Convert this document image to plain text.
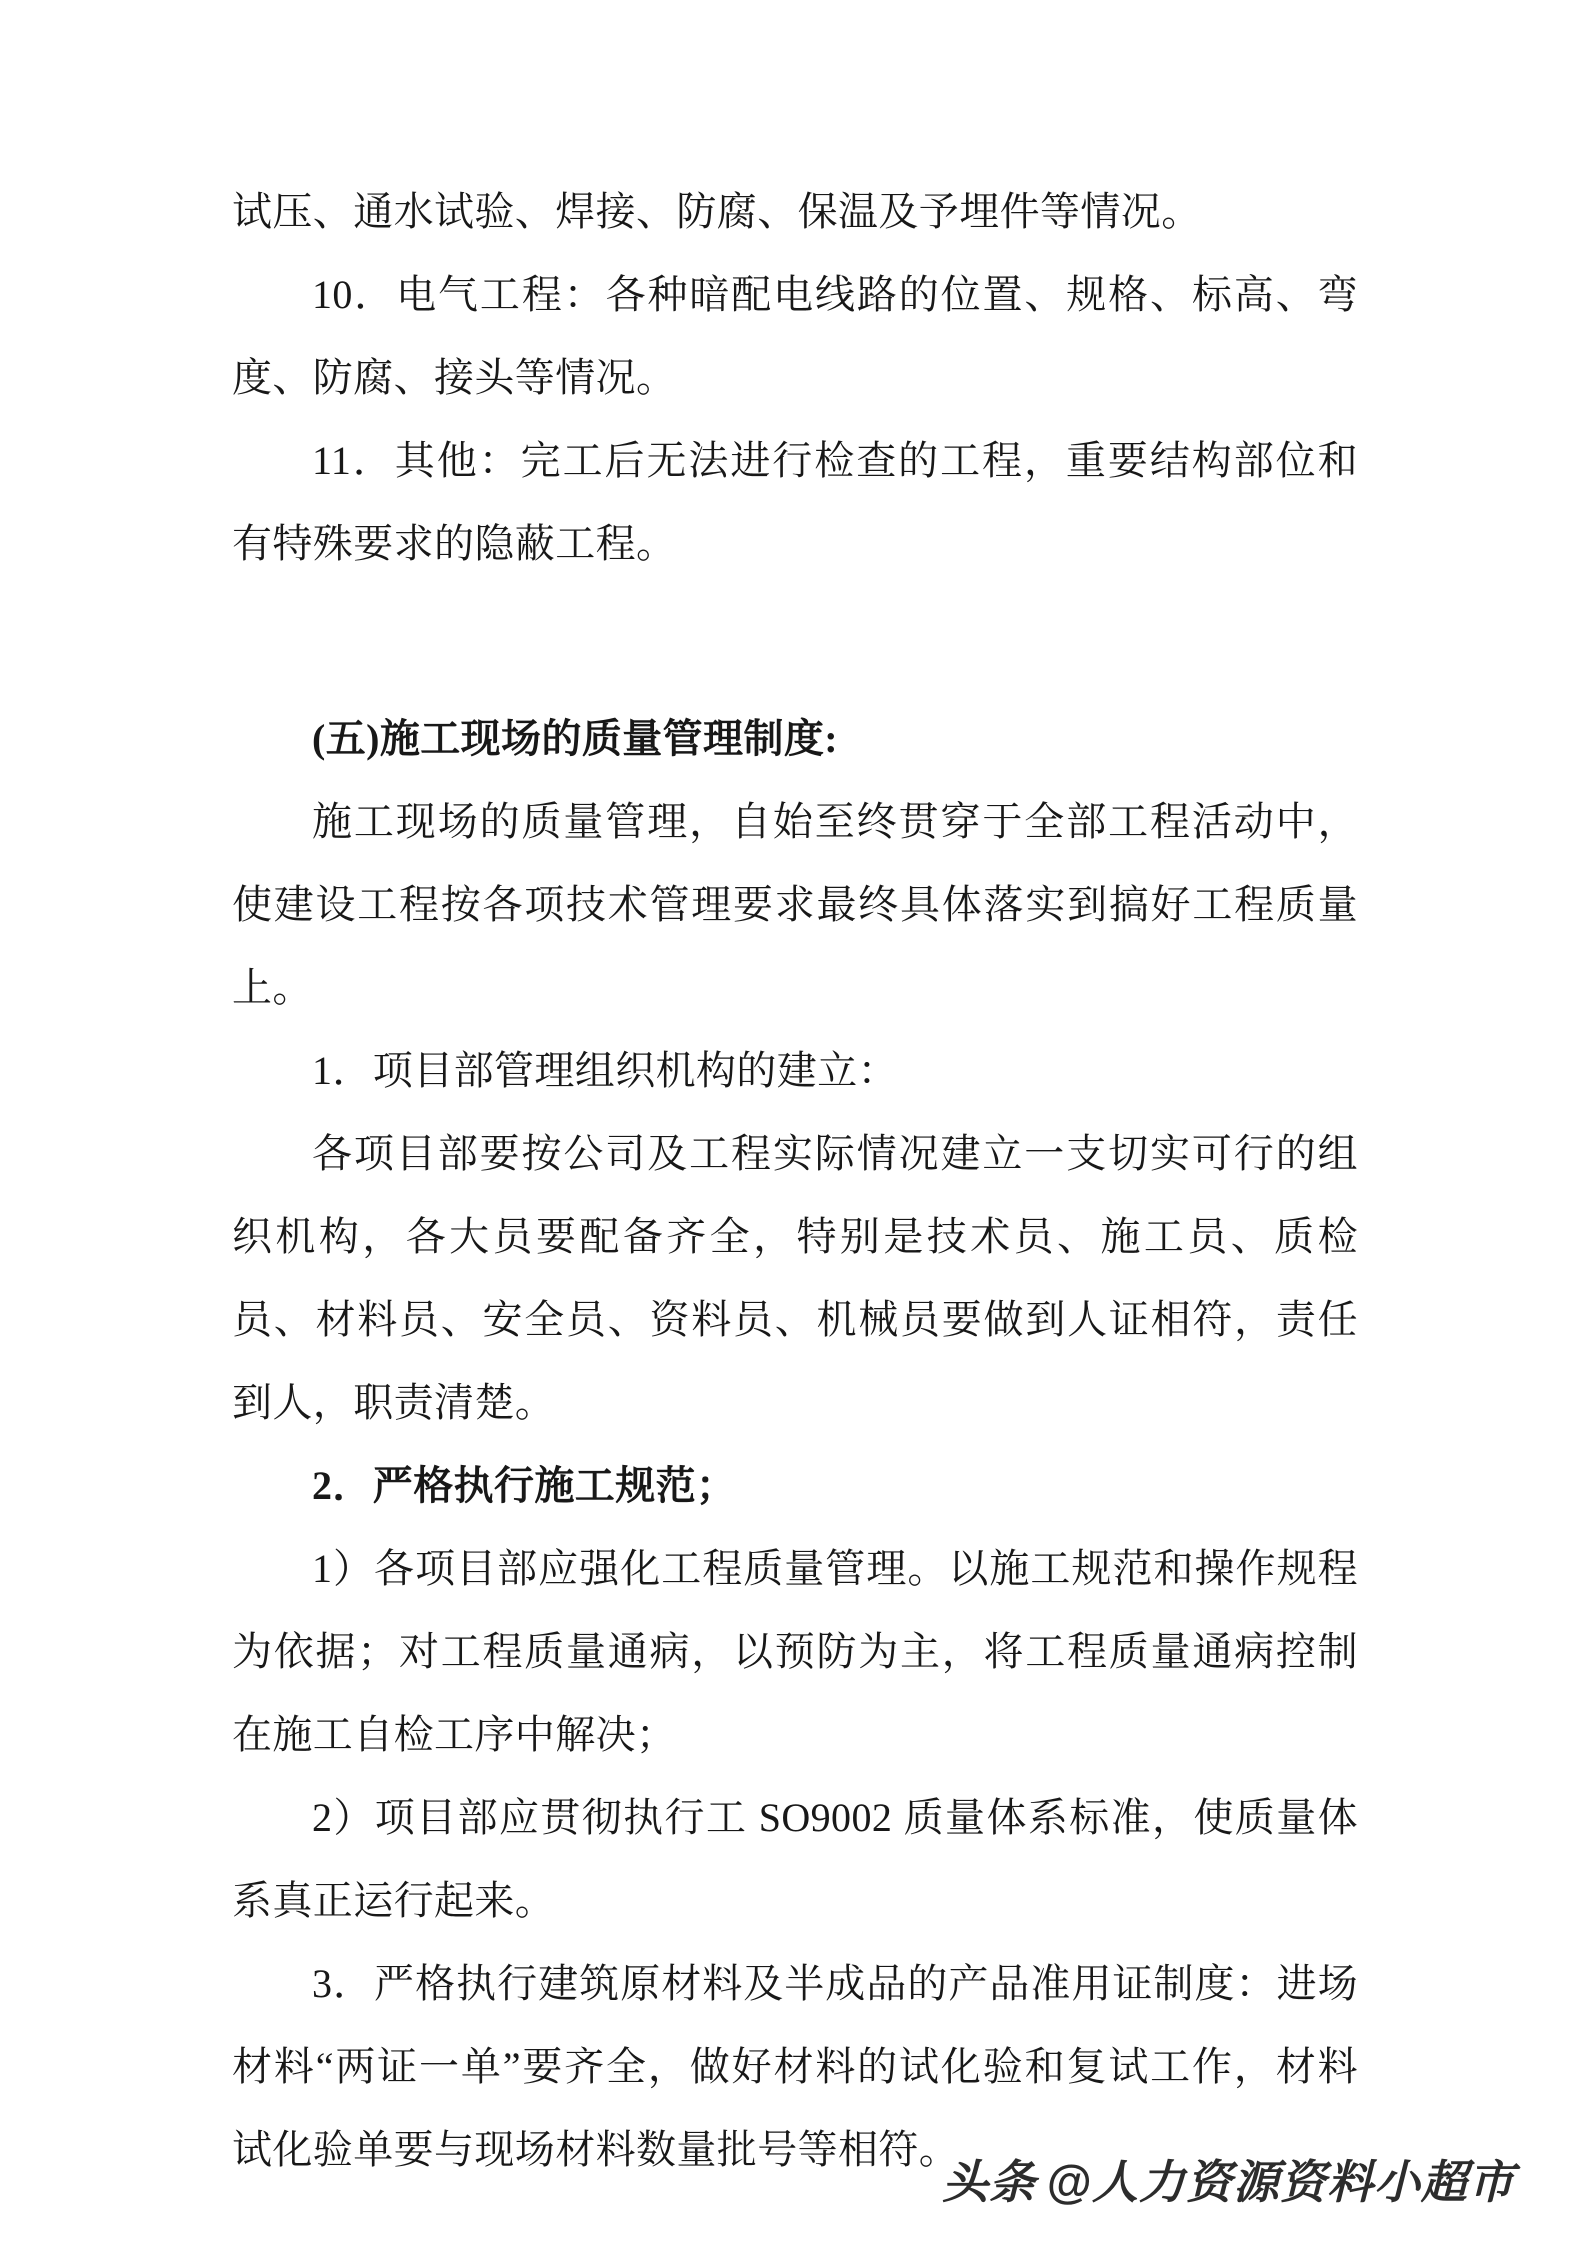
试压、通水试验、焊接、防腐、保温及予埋件等情况。

10．电气工程：各种暗配电线路的位置、规格、标高、弯度、防腐、接头等情况。

11．其他：完工后无法进行检查的工程，重要结构部位和有特殊要求的隐蔽工程。

(五)施工现场的质量管理制度:

施工现场的质量管理，自始至终贯穿于全部工程活动中，使建设工程按各项技术管理要求最终具体落实到搞好工程质量上。

1．项目部管理组织机构的建立：

各项目部要按公司及工程实际情况建立一支切实可行的组织机构，各大员要配备齐全，特别是技术员、施工员、质检员、材料员、安全员、资料员、机械员要做到人证相符，责任到人，职责清楚。

2．严格执行施工规范；

1）各项目部应强化工程质量管理。以施工规范和操作规程为依据；对工程质量通病，以预防为主，将工程质量通病控制在施工自检工序中解决；

2）项目部应贯彻执行工 SO9002 质量体系标准，使质量体系真正运行起来。

3．严格执行建筑原材料及半成品的产品准用证制度：进场材料“两证一单”要齐全，做好材料的试化验和复试工作，材料试化验单要与现场材料数量批号等相符。

头条 @人力资源资料小超市
